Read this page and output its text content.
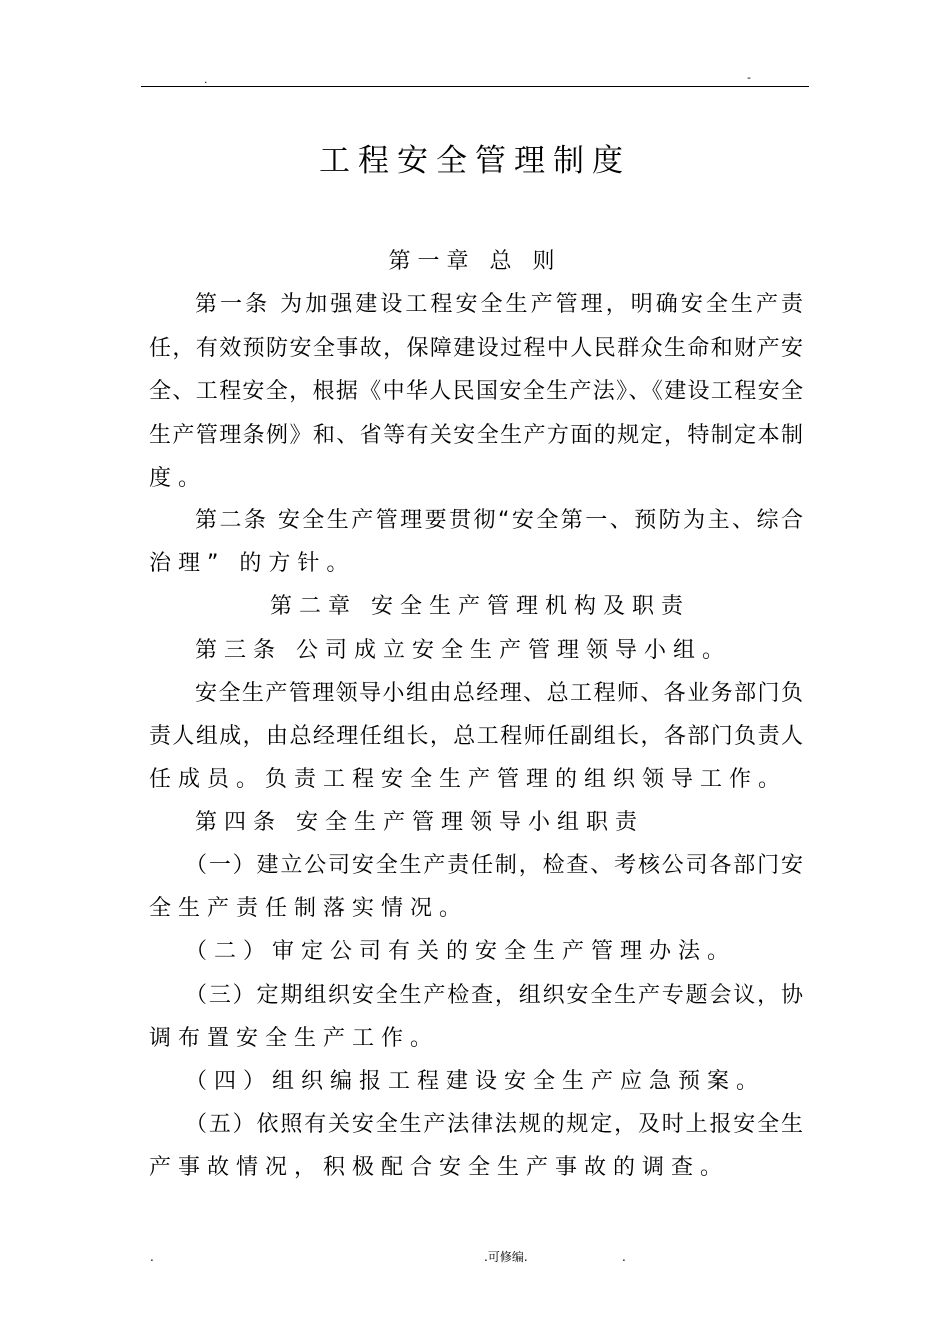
.	-
工程安全管理制度
第一章 总 则
第一条 为加强建设工程安全生产管理，明确安全生产责
任，有效预防安全事故，保障建设过程中人民群众生命和财产安
全、工程安全，根据《中华人民国安全生产法》、《建设工程安全
生产管理条例》和、省等有关安全生产方面的规定，特制定本制
度。
第二条 安全生产管理要贯彻“安全第一、预防为主、综合
治理” 的方针。
第二章 安全生产管理机构及职责
第三条 公司成立安全生产管理领导小组。
安全生产管理领导小组由总经理、总工程师、各业务部门负
责人组成，由总经理任组长，总工程师任副组长，各部门负责人
任成员。负责工程安全生产管理的组织领导工作。
第四条 安全生产管理领导小组职责
（一）建立公司安全生产责任制，检查、考核公司各部门安
全生产责任制落实情况。
（二）审定公司有关的安全生产管理办法。
（三）定期组织安全生产检查，组织安全生产专题会议，协
调布置安全生产工作。
（四）组织编报工程建设安全生产应急预案。
（五）依照有关安全生产法律法规的规定，及时上报安全生
产事故情况，积极配合安全生产事故的调查。
.	.可修编.	.
